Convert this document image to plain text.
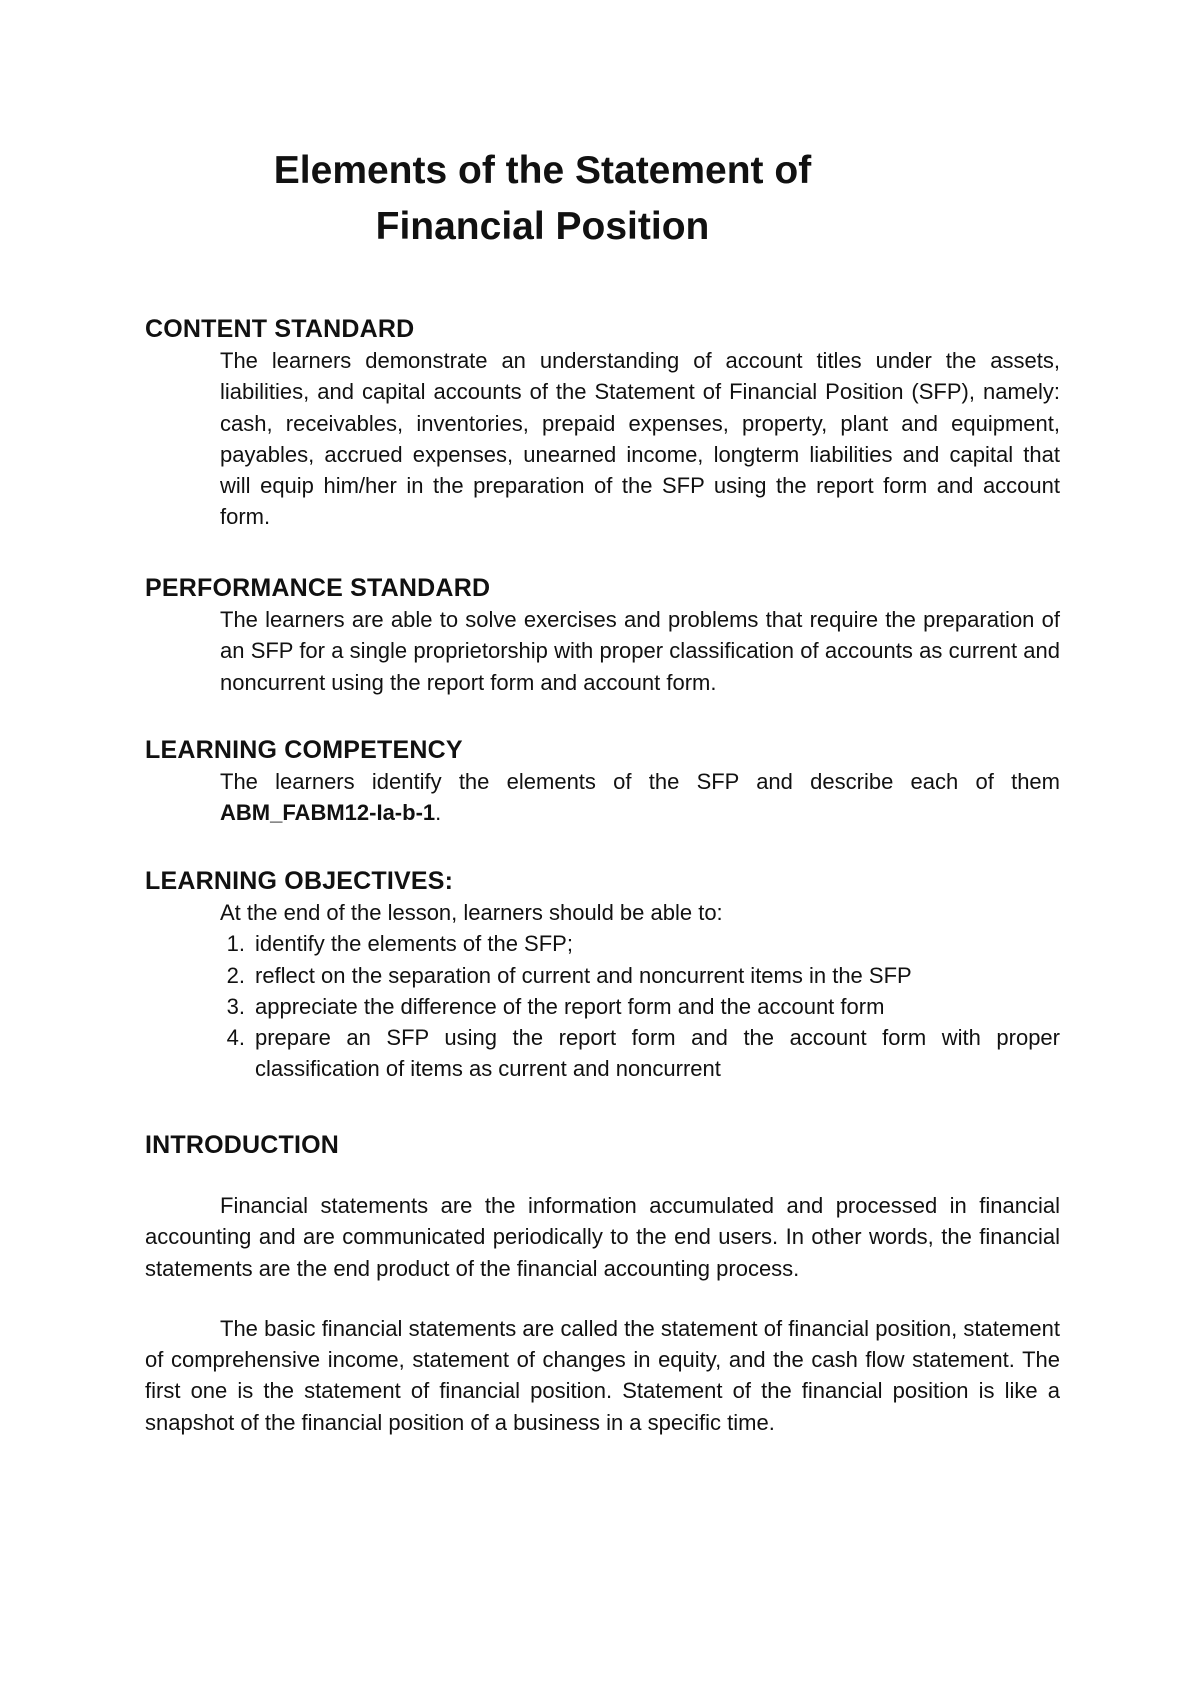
Elements of the Statement of
Financial Position
CONTENT STANDARD

The learners demonstrate an understanding of account titles under the assets, liabilities, and capital accounts of the Statement of Financial Position (SFP), namely: cash, receivables, inventories, prepaid expenses, property, plant and equipment, payables, accrued expenses, unearned income, longterm liabilities and capital that will equip him/her in the preparation of the SFP using the report form and account form.

PERFORMANCE STANDARD

The learners are able to solve exercises and problems that require the preparation of an SFP for a single proprietorship with proper classification of accounts as current and noncurrent using the report form and account form.

LEARNING COMPETENCY

The learners identify the elements of the SFP and describe each of them ABM_FABM12-Ia-b-1.

LEARNING OBJECTIVES:

At the end of the lesson, learners should be able to:

1. identify the elements of the SFP;
2. reflect on the separation of current and noncurrent items in the SFP
3. appreciate the difference of the report form and the account form
4. prepare an SFP using the report form and the account form with proper classification of items as current and noncurrent
INTRODUCTION

Financial statements are the information accumulated and processed in financial accounting and are communicated periodically to the end users. In other words, the financial statements are the end product of the financial accounting process.

The basic financial statements are called the statement of financial position, statement of comprehensive income, statement of changes in equity, and the cash flow statement. The first one is the statement of financial position. Statement of the financial position is like a snapshot of the financial position of a business in a specific time.
